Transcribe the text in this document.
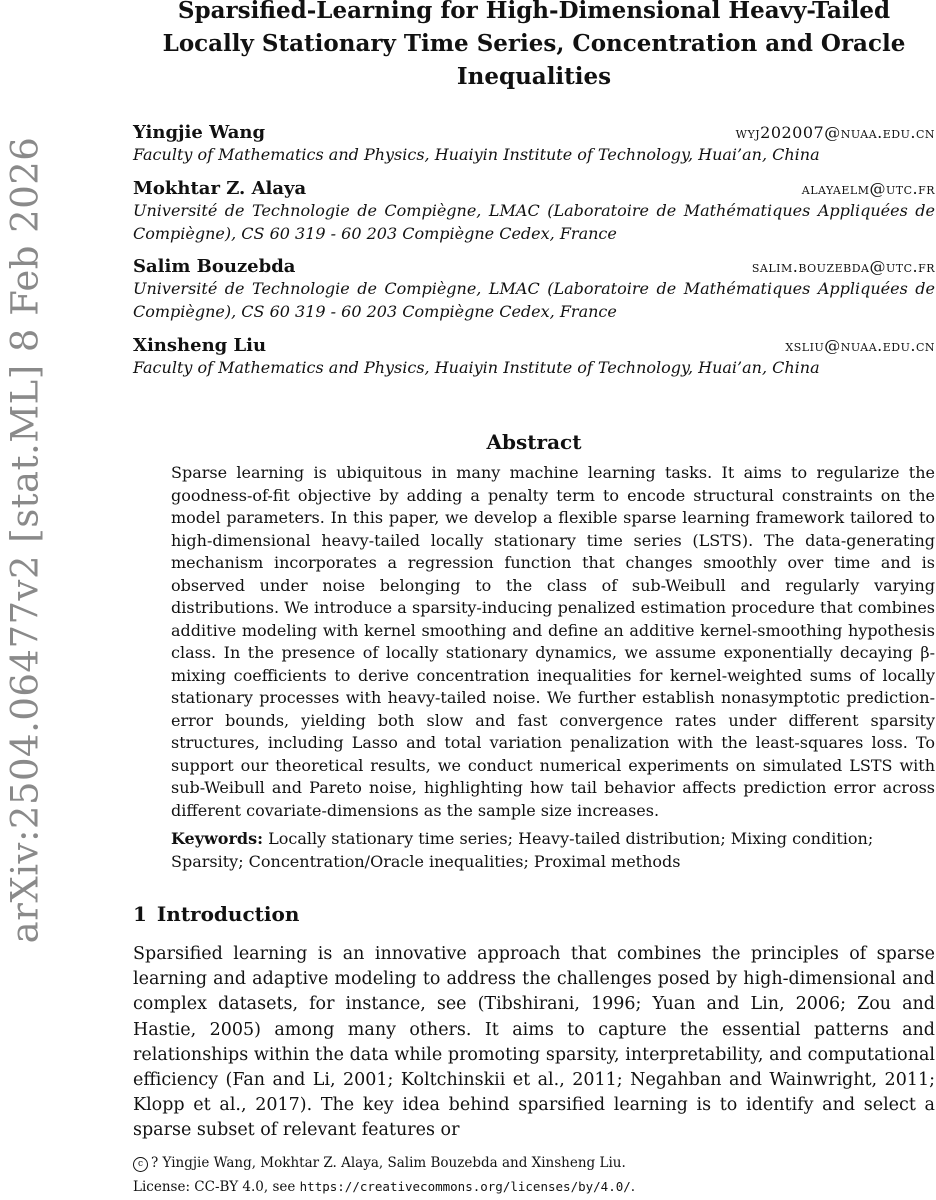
arXiv:2504.06477v2 [stat.ML] 8 Feb 2026
Sparsified-Learning for High-Dimensional Heavy-Tailed Locally Stationary Time Series, Concentration and Oracle Inequalities
Yingjie Wang	wyj202007@nuaa.edu.cn
Faculty of Mathematics and Physics, Huaiyin Institute of Technology, Huai’an, China
Mokhtar Z. Alaya	alayaelm@utc.fr
Université de Technologie de Compiègne, LMAC (Laboratoire de Mathématiques Appliquées de Compiègne), CS 60 319 - 60 203 Compiègne Cedex, France
Salim Bouzebda	salim.bouzebda@utc.fr
Université de Technologie de Compiègne, LMAC (Laboratoire de Mathématiques Appliquées de Compiègne), CS 60 319 - 60 203 Compiègne Cedex, France
Xinsheng Liu	xsliu@nuaa.edu.cn
Faculty of Mathematics and Physics, Huaiyin Institute of Technology, Huai’an, China
Abstract

Sparse learning is ubiquitous in many machine learning tasks. It aims to regularize the goodness-of-fit objective by adding a penalty term to encode structural constraints on the model parameters. In this paper, we develop a flexible sparse learning framework tailored to high-dimensional heavy-tailed locally stationary time series (LSTS). The data-generating mechanism incorporates a regression function that changes smoothly over time and is observed under noise belonging to the class of sub-Weibull and regularly varying distributions. We introduce a sparsity-inducing penalized estimation procedure that combines additive modeling with kernel smoothing and define an additive kernel-smoothing hypothesis class. In the presence of locally stationary dynamics, we assume exponentially decaying β-mixing coefficients to derive concentration inequalities for kernel-weighted sums of locally stationary processes with heavy-tailed noise. We further establish nonasymptotic prediction-error bounds, yielding both slow and fast convergence rates under different sparsity structures, including Lasso and total variation penalization with the least-squares loss. To support our theoretical results, we conduct numerical experiments on simulated LSTS with sub-Weibull and Pareto noise, highlighting how tail behavior affects prediction error across different covariate-dimensions as the sample size increases.

Keywords: Locally stationary time series; Heavy-tailed distribution; Mixing condition; Sparsity; Concentration/Oracle inequalities; Proximal methods
1 Introduction

Sparsified learning is an innovative approach that combines the principles of sparse learning and adaptive modeling to address the challenges posed by high-dimensional and complex datasets, for instance, see (Tibshirani, 1996; Yuan and Lin, 2006; Zou and Hastie, 2005) among many others. It aims to capture the essential patterns and relationships within the data while promoting sparsity, interpretability, and computational efficiency (Fan and Li, 2001; Koltchinskii et al., 2011; Negahban and Wainwright, 2011; Klopp et al., 2017). The key idea behind sparsified learning is to identify and select a sparse subset of relevant features or

c ? Yingjie Wang, Mokhtar Z. Alaya, Salim Bouzebda and Xinsheng Liu.
License: CC-BY 4.0, see https://creativecommons.org/licenses/by/4.0/.
